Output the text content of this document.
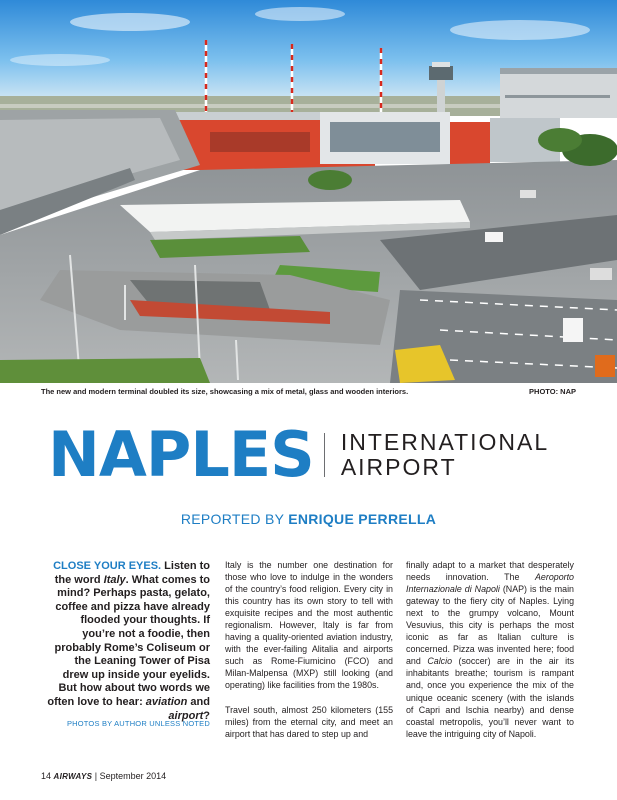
The new and modern terminal doubled its size, showcasing a mix of metal, glass and wooden interiors.	PHOTO: NAP
NAPLES INTERNATIONAL
AIRPORT
REPORTED BY ENRIQUE PERRELLA
CLOSE YOUR EYES. Listen to the word Italy. What comes to mind? Perhaps pasta, gelato, coffee and pizza have already flooded your thoughts. If you’re not a foodie, then probably Rome’s Coliseum or the Leaning Tower of Pisa drew up inside your eyelids. But how about two words we often love to hear: aviation and airport?
PHOTOS BY AUTHOR UNLESS NOTED

Italy is the number one destination for those who love to indulge in the wonders of the country’s food religion. Every city in this country has its own story to tell with exquisite recipes and the most authentic regionalism. However, Italy is far from having a quality-oriented aviation industry, with the ever-failing Alitalia and airports such as Rome-Fiumicino (FCO) and Milan-Malpensa (MXP) still looking (and operating) like facilities from the 1980s.

Travel south, almost 250 kilometers (155 miles) from the eternal city, and meet an airport that has dared to step up and

finally adapt to a market that desperately needs innovation. The Aeroporto Internazionale di Napoli (NAP) is the main gateway to the fiery city of Naples. Lying next to the grumpy volcano, Mount Vesuvius, this city is perhaps the most iconic as far as Italian culture is concerned. Pizza was invented here; food and Calcio (soccer) are in the air its inhabitants breathe; tourism is rampant and, once you experience the mix of the unique oceanic scenery (with the islands of Capri and Ischia nearby) and dense coastal metropolis, you’ll never want to leave the intriguing city of Napoli.

14 AIRWAYS | September 2014
